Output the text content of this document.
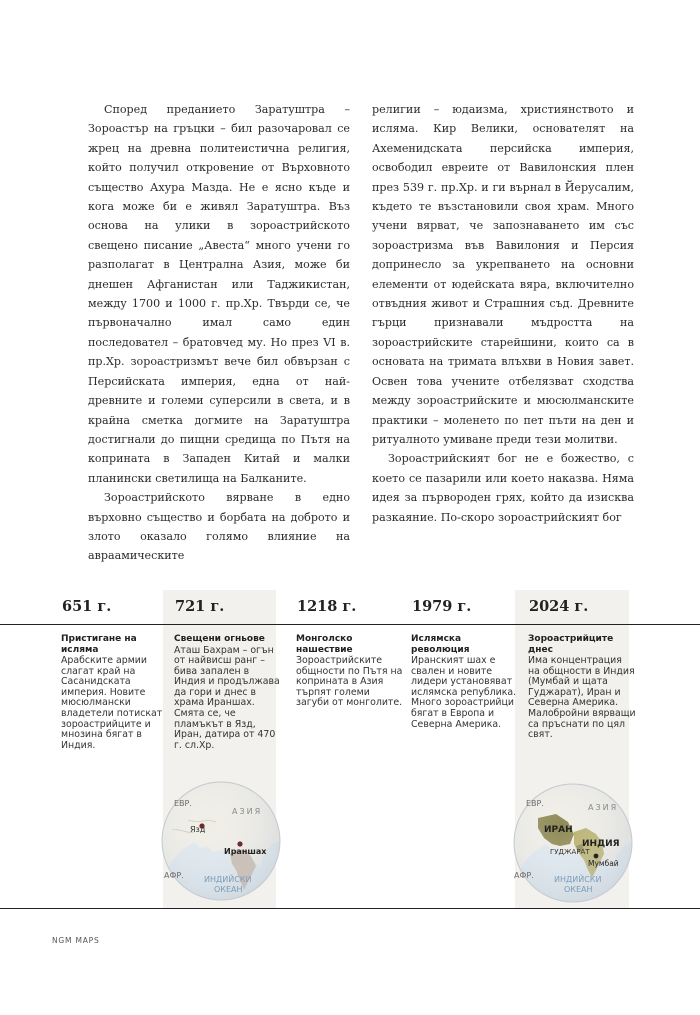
Според преданието Заратуштра – Зороастър на гръцки – бил разочаровал се жрец на древна политеистична религия, който получил откровение от Върховното същество Ахура Мазда. Не е ясно къде и кога може би е живял Заратуштра. Въз основа на улики в зороастрийското свещено писание „Авеста“ много учени го разполагат в Централна Азия, може би днешен Афганистан или Таджикистан, между 1700 и 1000 г. пр.Хр. Твърди се, че първоначално имал само един последовател – братовчед му. Но през VI в. пр.Хр. зороастризмът вече бил обвързан с Персийската империя, една от най-древните и големи суперсили в света, и в крайна сметка догмите на Заратуштра достигнали до пищни средища по Пътя на коприната в Западен Китай и малки планински светилища на Балканите.

Зороастрийското вярване в едно върховно същество и борбата на доброто и злото оказало голямо влияние на авраамическите

религии – юдаизма, християнството и исляма. Кир Велики, основателят на Ахеменидската персийска империя, освободил евреите от Вавилонския плен през 539 г. пр.Хр. и ги върнал в Йерусалим, където те възстановили своя храм. Много учени вярват, че запознаването им със зороастризма във Вавилония и Персия допринесло за укрепването на основни елементи от юдейската вяра, включително отвъдния живот и Страшния съд. Древните гърци признавали мъдростта на зороастрийските старейшини, които са в основата на тримата влъхви в Новия завет. Освен това учените отбелязват сходства между зороастрийските и мюсюлманските практики – моленето по пет пъти на ден и ритуалното умиване преди тези молитви.

Зороастрийският бог не е божество, с което се пазарили или което наказва. Няма идея за първороден грях, който да изисква разкаяние. По-скоро зороастрийският бог

651 г.
Пристигане на исляма
Арабските армии слагат край на Сасанидската империя. Новите мюсюлмански владетели потискат зороастрийците и мнозина бягат в Индия.
721 г.
Свещени огньове
Аташ Бахрам – огън от найвисш ранг – бива запален в Индия и продължава да гори и днес в храма Ираншах. Смята се, че пламъкът в Язд, Иран, датира от 470 г. сл.Хр.
1218 г.
Монголско нашествие
Зороастрийските общности по Пътя на коприната в Азия търпят големи загуби от монголите.
1979 г.
Ислямска революция
Иранският шах е свален и новите лидери установяват ислямска република. Много зороастрийци бягат в Европа и Северна Америка.
2024 г.
Зороастрийците днес
Има концентрация на общности в Индия (Мумбай и щата Гуджарат), Иран и Северна Америка. Малобройни вярващи са пръснати по цял свят.
ЕВР.
АЗИЯ
Язд
Ираншах
АФР.	ИНДИЙСКИ
ОКЕАН
ЕВР.	АЗИЯ
ИРАН
ИНДИЯ
ГУДЖАРАТ
Мумбай
АФР.	ИНДИЙСКИ
ОКЕАН
NGM MAPS
